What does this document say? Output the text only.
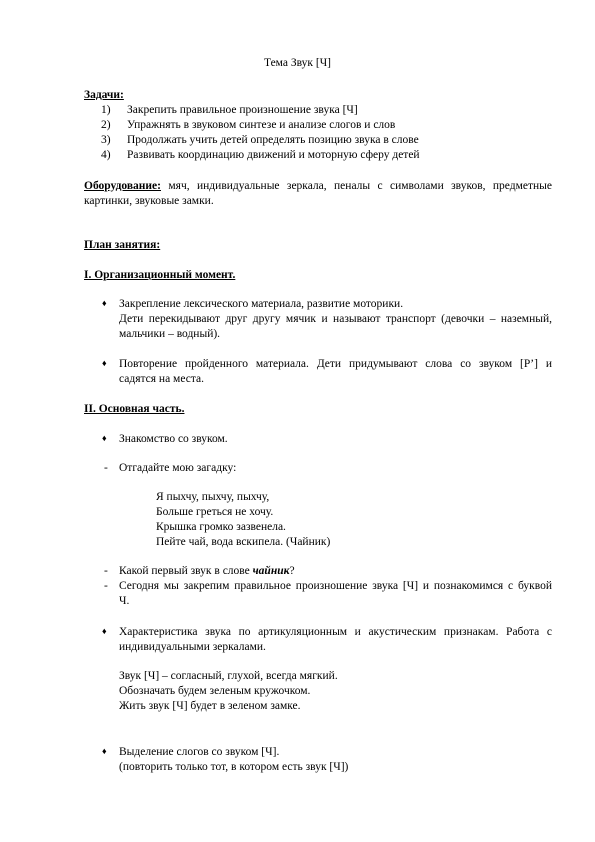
Тема Звук [Ч]
Задачи:
1) Закрепить правильное произношение звука [Ч]
2) Упражнять в звуковом синтезе и анализе слогов и слов
3) Продолжать учить детей определять позицию звука в слове
4) Развивать координацию движений и моторную сферу детей
Оборудование: мяч, индивидуальные зеркала, пеналы с символами звуков, предметные
картинки, звуковые замки.
План занятия:
I. Организационный момент.
♦ Закрепление лексического материала, развитие моторики.
Дети перекидывают друг другу мячик и называют транспорт (девочки – наземный,
мальчики – водный).
♦ Повторение пройденного материала. Дети придумывают слова со звуком [Р’] и
садятся на места.
II. Основная часть.
♦ Знакомство со звуком.
- Отгадайте мою загадку:
Я пыхчу, пыхчу, пыхчу,
Больше греться не хочу.
Крышка громко зазвенела.
Пейте чай, вода вскипела. (Чайник)
- Какой первый звук в слове чайник?
- Сегодня мы закрепим правильное произношение звука [Ч] и познакомимся с буквой
Ч.
♦ Характеристика звука по артикуляционным и акустическим признакам. Работа с
индивидуальными зеркалами.
Звук [Ч] – согласный, глухой, всегда мягкий.
Обозначать будем зеленым кружочком.
Жить звук [Ч] будет в зеленом замке.
♦ Выделение слогов со звуком [Ч].
(повторить только тот, в котором есть звук [Ч])
